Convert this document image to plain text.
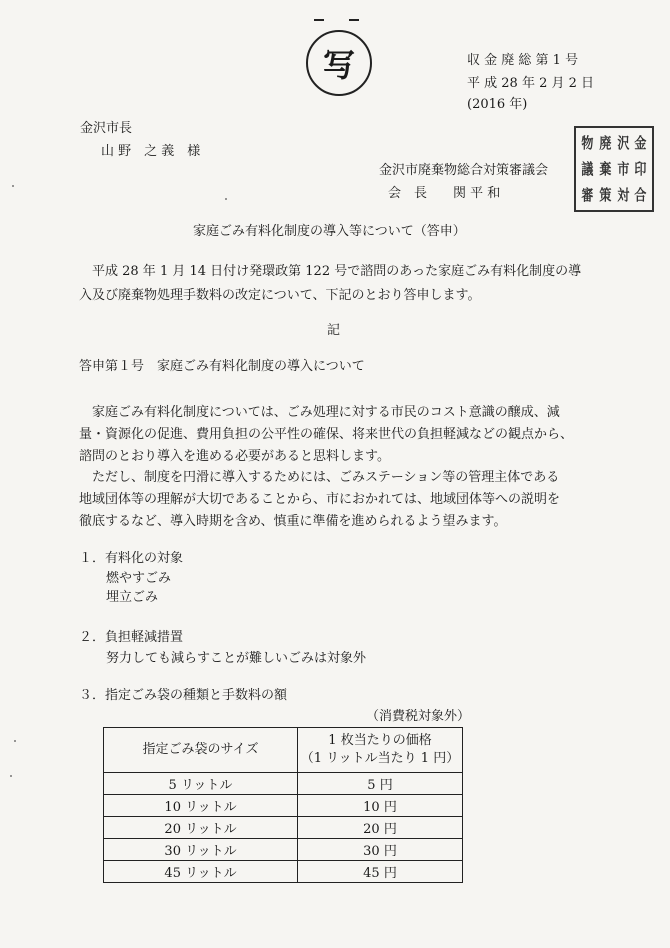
写	収 金 廃 総 第 1 号
平 成 28 年 2 月 2 日
(2016 年)
金沢市長
山 野　之 義　様
金沢市廃棄物総合対策審議会
会　長　　関 平 和
物 廃 沢 金
議 棄 市 印
審 策 対 合
家庭ごみ有料化制度の導入等について（答申）
平成 28 年 1 月 14 日付け発環政第 122 号で諮問のあった家庭ごみ有料化制度の導
入及び廃棄物処理手数料の改定について、下記のとおり答申します。
記
答申第１号　家庭ごみ有料化制度の導入について
家庭ごみ有料化制度については、ごみ処理に対する市民のコスト意識の醸成、減
量・資源化の促進、費用負担の公平性の確保、将来世代の負担軽減などの観点から、
諮問のとおり導入を進める必要があると思料します。
ただし、制度を円滑に導入するためには、ごみステーション等の管理主体である
地域団体等の理解が大切であることから、市におかれては、地域団体等への説明を
徹底するなど、導入時期を含め、慎重に準備を進められるよう望みます。
１．有料化の対象
燃やすごみ
埋立ごみ
２．負担軽減措置
努力しても減らすことが難しいごみは対象外
３．指定ごみ袋の種類と手数料の額
（消費税対象外）
指定ごみ袋のサイズ	1 枚当たりの価格
（1 リットル当たり 1 円）

5 リットル	5 円
10 リットル	10 円
20 リットル	20 円
30 リットル	30 円
45 リットル	45 円
